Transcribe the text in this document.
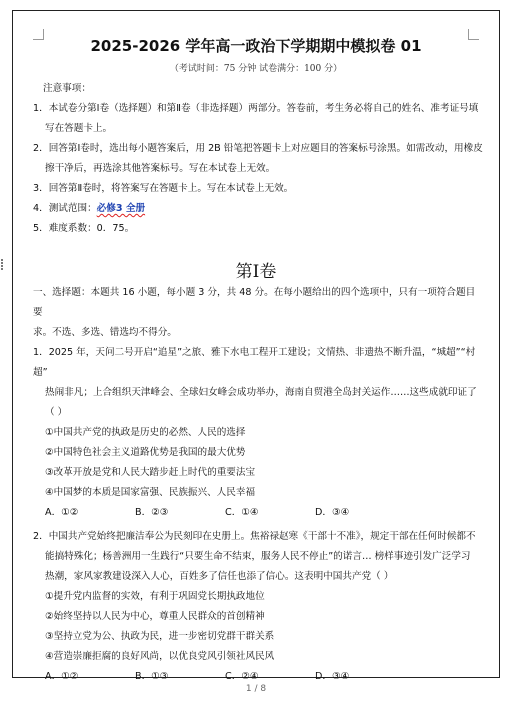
2025-2026 学年高一政治下学期期中模拟卷 01
（考试时间：75 分钟 试卷满分：100 分）
注意事项：
1．本试卷分第Ⅰ卷（选择题）和第Ⅱ卷（非选择题）两部分。答卷前，考生务必将自己的姓名、准考证号填
写在答题卡上。
2．回答第Ⅰ卷时，选出每小题答案后，用 2B 铅笔把答题卡上对应题目的答案标号涂黑。如需改动，用橡皮
擦干净后，再选涂其他答案标号。写在本试卷上无效。
3．回答第Ⅱ卷时，将答案写在答题卡上。写在本试卷上无效。
4．测试范围：必修3 全册
5．难度系数：0．75。
第Ⅰ卷
一、选择题：本题共 16 小题，每小题 3 分，共 48 分。在每小题给出的四个选项中，只有一项符合题目要
求。不选、多选、错选均不得分。
1．2025 年，天问二号开启“追星”之旅、雅下水电工程开工建设；文情热、非遗热不断升温，“城超”“村超”
热闹非凡；上合组织天津峰会、全球妇女峰会成功举办，海南自贸港全岛封关运作……这些成就印证了
（ ）
①中国共产党的执政是历史的必然、人民的选择
②中国特色社会主义道路优势是我国的最大优势
③改革开放是党和人民大踏步赶上时代的重要法宝
④中国梦的本质是国家富强、民族振兴、人民幸福
A．①②	B．②③	C．①④	D．③④
2．中国共产党始终把廉洁奉公为民刻印在史册上。焦裕禄赵寒《干部十不准》，规定干部在任何时候都不
能搞特殊化；杨善洲用一生践行“只要生命不结束，服务人民不停止”的诺言… 榜样事迹引发广泛学习
热潮，家风家教建设深入人心，百姓多了信任也添了信心。这表明中国共产党（ ）
①提升党内监督的实效，有利于巩固党长期执政地位
②始终坚持以人民为中心，尊重人民群众的首创精神
③坚持立党为公、执政为民，进一步密切党群干群关系
④营造崇廉拒腐的良好风尚，以优良党风引领社风民风
A．①②	B．①③	C．②④	D．③④
1 / 8
